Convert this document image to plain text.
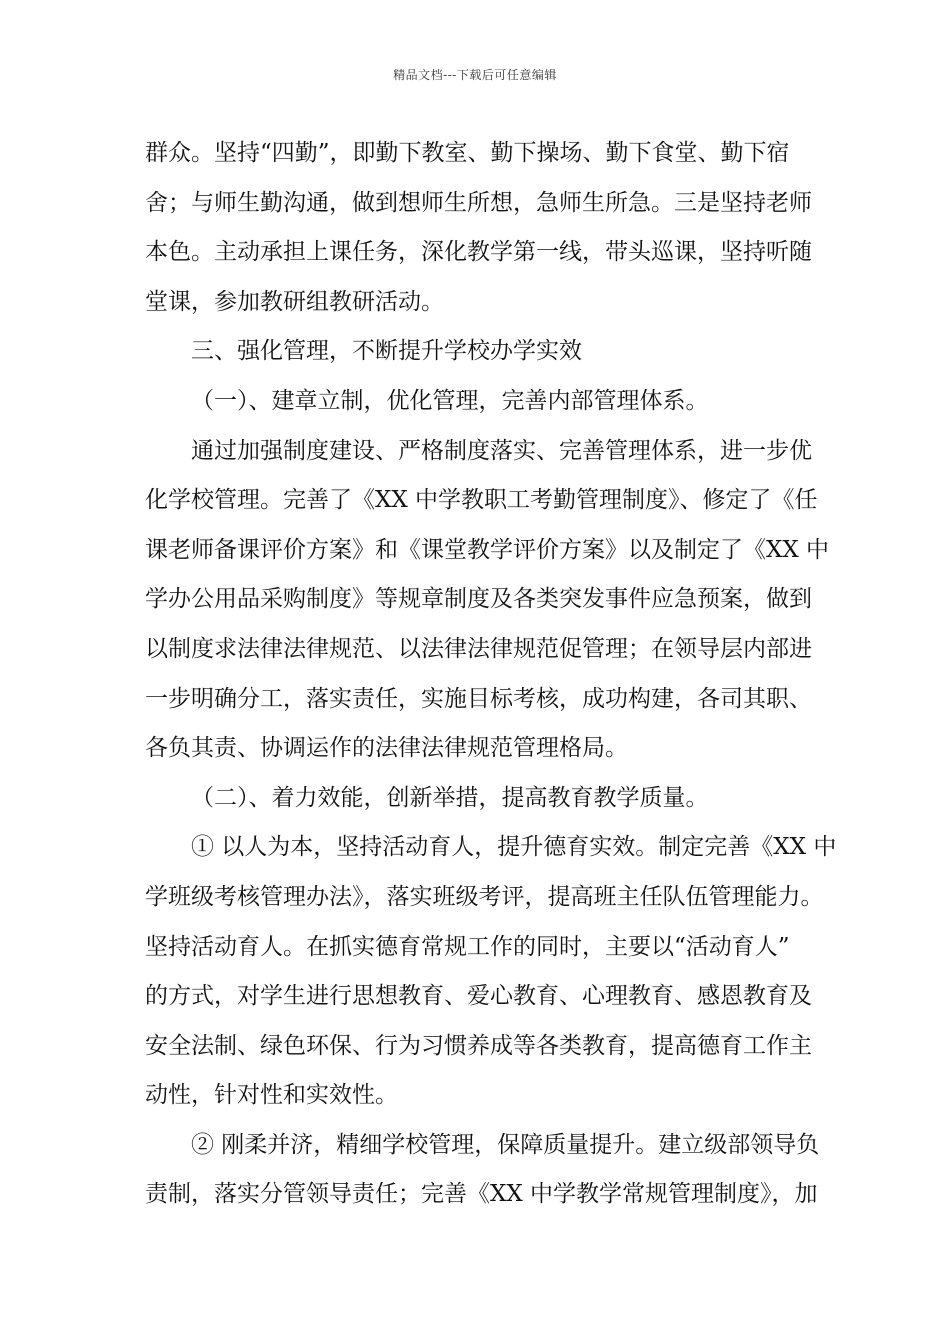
精品文档---下载后可任意编辑
群众。坚持“四勤”，即勤下教室、勤下操场、勤下食堂、勤下宿
舍；与师生勤沟通，做到想师生所想，急师生所急。三是坚持老师
本色。主动承担上课任务，深化教学第一线，带头巡课，坚持听随
堂课，参加教研组教研活动。
三、强化管理，不断提升学校办学实效
（一）、建章立制，优化管理，完善内部管理体系。
通过加强制度建设、严格制度落实、完善管理体系，进一步优
化学校管理。完善了《XX 中学教职工考勤管理制度》、修定了《任
课老师备课评价方案》和《课堂教学评价方案》以及制定了《XX 中
学办公用品采购制度》等规章制度及各类突发事件应急预案，做到
以制度求法律法律规范、以法律法律规范促管理；在领导层内部进
一步明确分工，落实责任，实施目标考核，成功构建，各司其职、
各负其责、协调运作的法律法律规范管理格局。
（二）、着力效能，创新举措，提高教育教学质量。
① 以人为本，坚持活动育人，提升德育实效。制定完善《XX 中
学班级考核管理办法》，落实班级考评，提高班主任队伍管理能力。
坚持活动育人。在抓实德育常规工作的同时，主要以“活动育人”
的方式，对学生进行思想教育、爱心教育、心理教育、感恩教育及
安全法制、绿色环保、行为习惯养成等各类教育，提高德育工作主
动性，针对性和实效性。
② 刚柔并济，精细学校管理，保障质量提升。建立级部领导负
责制，落实分管领导责任；完善《XX 中学教学常规管理制度》，加
